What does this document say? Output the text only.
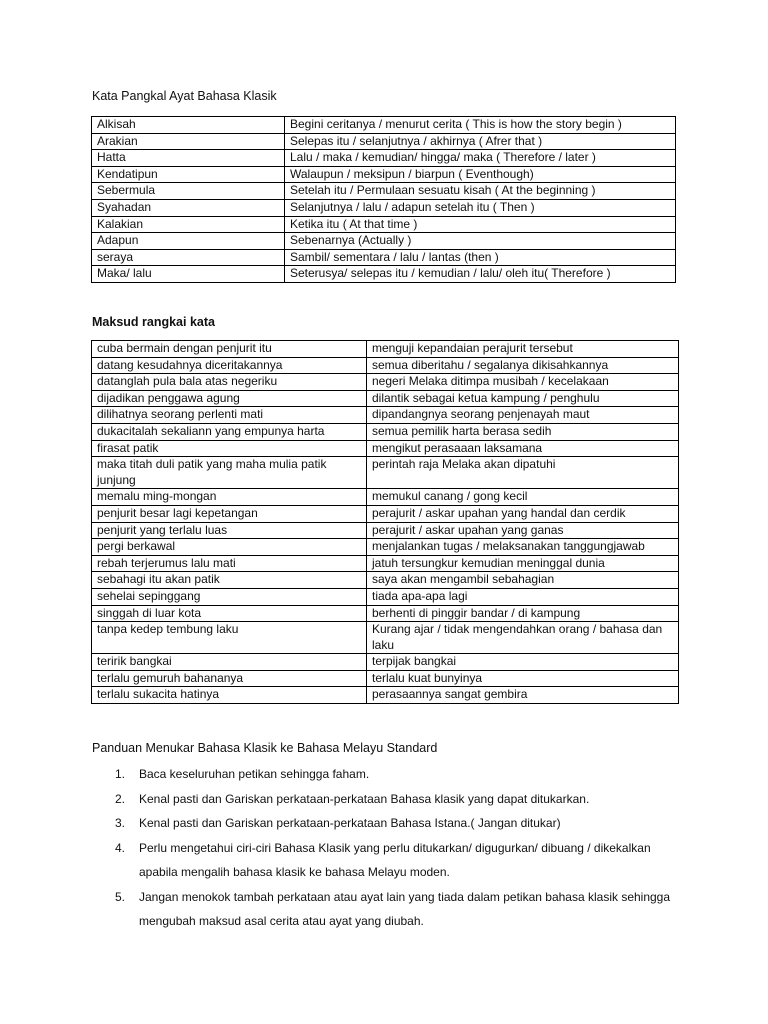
Kata Pangkal Ayat Bahasa Klasik
Alkisah	Begini ceritanya / menurut cerita ( This is how the story begin )
Arakian	Selepas itu / selanjutnya / akhirnya ( Afrer that )
Hatta	Lalu / maka / kemudian/ hingga/ maka ( Therefore / later )
Kendatipun	Walaupun / meksipun / biarpun ( Eventhough)
Sebermula	Setelah itu / Permulaan sesuatu kisah ( At the beginning )
Syahadan	Selanjutnya / lalu / adapun setelah itu ( Then )
Kalakian	Ketika itu ( At that time )
Adapun	Sebenarnya (Actually )
seraya	Sambil/ sementara / lalu / lantas (then )
Maka/ lalu	Seterusya/ selepas itu / kemudian / lalu/ oleh itu( Therefore )
Maksud rangkai kata
cuba bermain dengan penjurit itu	menguji kepandaian perajurit tersebut
datang kesudahnya diceritakannya	semua diberitahu / segalanya dikisahkannya
datanglah pula bala atas negeriku	negeri Melaka ditimpa musibah / kecelakaan
dijadikan penggawa agung	dilantik sebagai ketua kampung / penghulu
dilihatnya seorang perlenti mati	dipandangnya seorang penjenayah maut
dukacitalah sekaliann yang empunya harta	semua pemilik harta berasa sedih
firasat patik	mengikut perasaaan laksamana
maka titah duli patik yang maha mulia patik junjung	perintah raja Melaka akan dipatuhi
memalu ming-mongan	memukul canang / gong kecil
penjurit besar lagi kepetangan	perajurit / askar upahan yang handal dan cerdik
penjurit yang terlalu luas	perajurit / askar upahan yang ganas
pergi berkawal	menjalankan tugas / melaksanakan tanggungjawab
rebah terjerumus lalu mati	jatuh tersungkur kemudian meninggal dunia
sebahagi itu akan patik	saya akan mengambil sebahagian
sehelai sepinggang	tiada apa-apa lagi
singgah di luar kota	berhenti di pinggir bandar / di kampung
tanpa kedep tembung laku	Kurang ajar / tidak mengendahkan orang / bahasa dan laku
teririk bangkai	terpijak bangkai
terlalu gemuruh bahananya	terlalu kuat bunyinya
terlalu sukacita hatinya	perasaannya sangat gembira
Panduan Menukar Bahasa Klasik ke Bahasa Melayu Standard
1. Baca keseluruhan petikan sehingga faham.
2. Kenal pasti dan Gariskan perkataan-perkataan Bahasa klasik yang dapat ditukarkan.
3. Kenal pasti dan Gariskan perkataan-perkataan Bahasa Istana.( Jangan ditukar)
4. Perlu mengetahui ciri-ciri Bahasa Klasik yang perlu ditukarkan/ digugurkan/ dibuang / dikekalkan apabila mengalih bahasa klasik ke bahasa Melayu moden.
5. Jangan menokok tambah perkataan atau ayat lain yang tiada dalam petikan bahasa klasik sehingga mengubah maksud asal cerita atau ayat yang diubah.
